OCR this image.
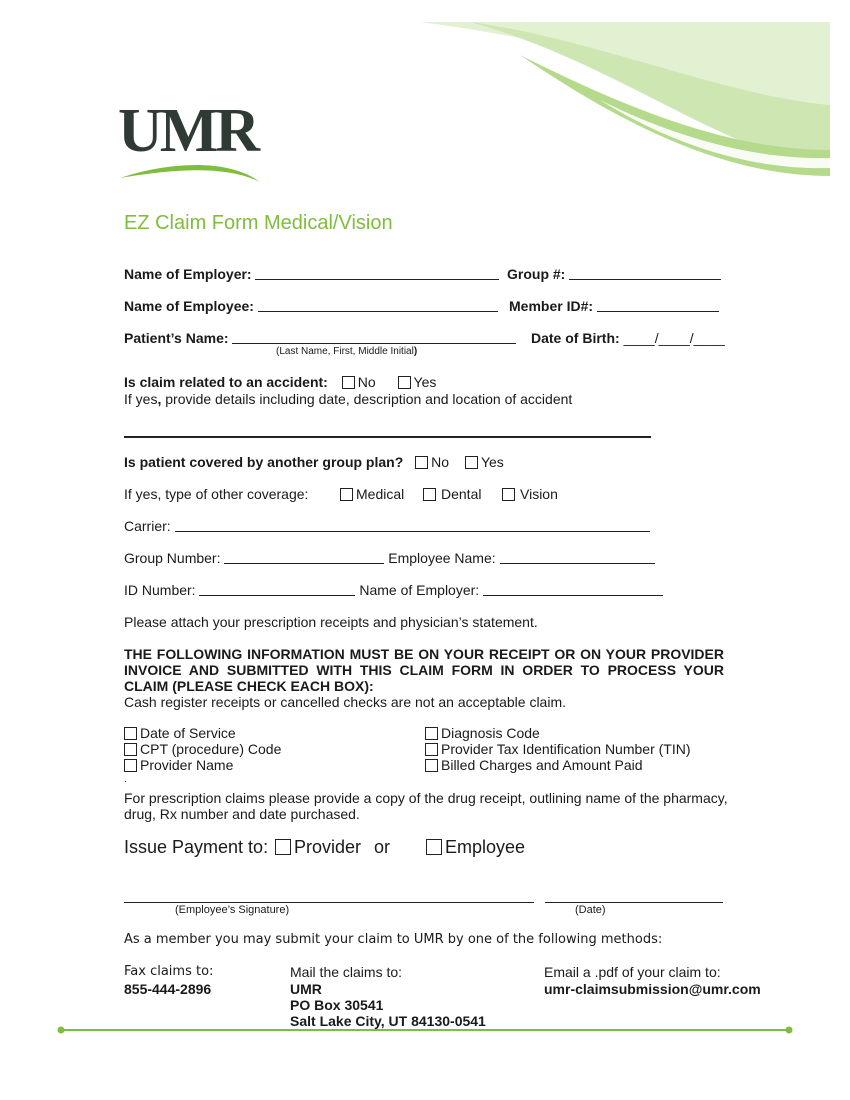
UMR
EZ Claim Form Medical/Vision
Name of Employer:	Group #:
Name of Employee:	Member ID#:
Patient’s Name:
(Last Name, First, Middle Initial)
Date of Birth: ____/____/____
Is claim related to an accident: No	Yes
If yes, provide details including date, description and location of accident
Is patient covered by another group plan? No Yes
If yes, type of other coverage:	Medical	Dental	Vision
Carrier:
Group Number:	Employee Name:
ID Number:	Name of Employer:
Please attach your prescription receipts and physician’s statement.
THE FOLLOWING INFORMATION MUST BE ON YOUR RECEIPT OR ON YOUR PROVIDER INVOICE AND SUBMITTED WITH THIS CLAIM FORM IN ORDER TO PROCESS YOUR CLAIM (PLEASE CHECK EACH BOX):
Cash register receipts or cancelled checks are not an acceptable claim.
Date of Service
CPT (procedure) Code
Provider Name
Diagnosis Code
Provider Tax Identification Number (TIN)
Billed Charges and Amount Paid
.
For prescription claims please provide a copy of the drug receipt, outlining name of the pharmacy, drug, Rx number and date purchased.
Issue Payment to:	Provider or	Employee
(Employee’s Signature)	(Date)
As a member you may submit your claim to UMR by one of the following methods:
Fax claims to:
855-444-2896
Mail the claims to:
UMR
PO Box 30541
Salt Lake City, UT 84130-0541
Email a .pdf of your claim to:
umr-claimsubmission@umr.com
